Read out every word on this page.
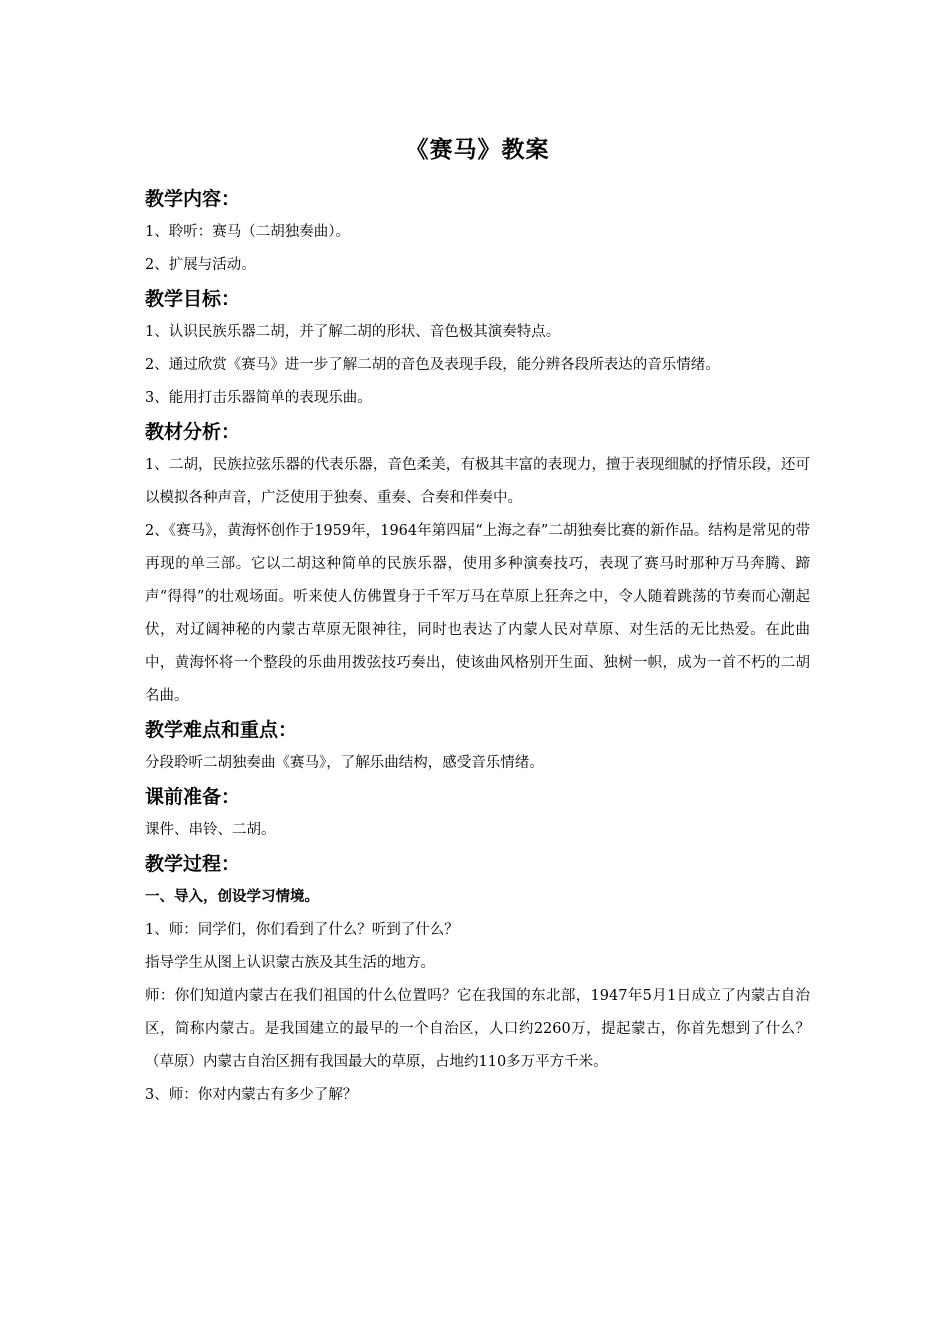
《赛马》教案
教学内容：

1、聆听：赛马（二胡独奏曲）。

2、扩展与活动。

教学目标：

1、认识民族乐器二胡，并了解二胡的形状、音色极其演奏特点。

2、通过欣赏《赛马》进一步了解二胡的音色及表现手段，能分辨各段所表达的音乐情绪。

3、能用打击乐器简单的表现乐曲。

教材分析：

1、二胡，民族拉弦乐器的代表乐器，音色柔美，有极其丰富的表现力，擅于表现细腻的抒情乐段，还可以模拟各种声音，广泛使用于独奏、重奏、合奏和伴奏中。

2、《赛马》，黄海怀创作于1959年，1964年第四届“上海之春”二胡独奏比赛的新作品。结构是常见的带再现的单三部。它以二胡这种简单的民族乐器，使用多种演奏技巧，表现了赛马时那种万马奔腾、蹄声“得得”的壮观场面。听来使人仿佛置身于千军万马在草原上狂奔之中，令人随着跳荡的节奏而心潮起伏，对辽阔神秘的内蒙古草原无限神往，同时也表达了内蒙人民对草原、对生活的无比热爱。在此曲中，黄海怀将一个整段的乐曲用拨弦技巧奏出，使该曲风格别开生面、独树一帜，成为一首不朽的二胡名曲。

教学难点和重点：

分段聆听二胡独奏曲《赛马》，了解乐曲结构，感受音乐情绪。

课前准备：

课件、串铃、二胡。

教学过程：
一、导入，创设学习情境。

1、师：同学们，你们看到了什么？听到了什么？

指导学生从图上认识蒙古族及其生活的地方。

师：你们知道内蒙古在我们祖国的什么位置吗？它在我国的东北部，1947年5月1日成立了内蒙古自治区，简称内蒙古。是我国建立的最早的一个自治区，人口约2260万，提起蒙古，你首先想到了什么？（草原）内蒙古自治区拥有我国最大的草原，占地约110多万平方千米。

3、师：你对内蒙古有多少了解？
